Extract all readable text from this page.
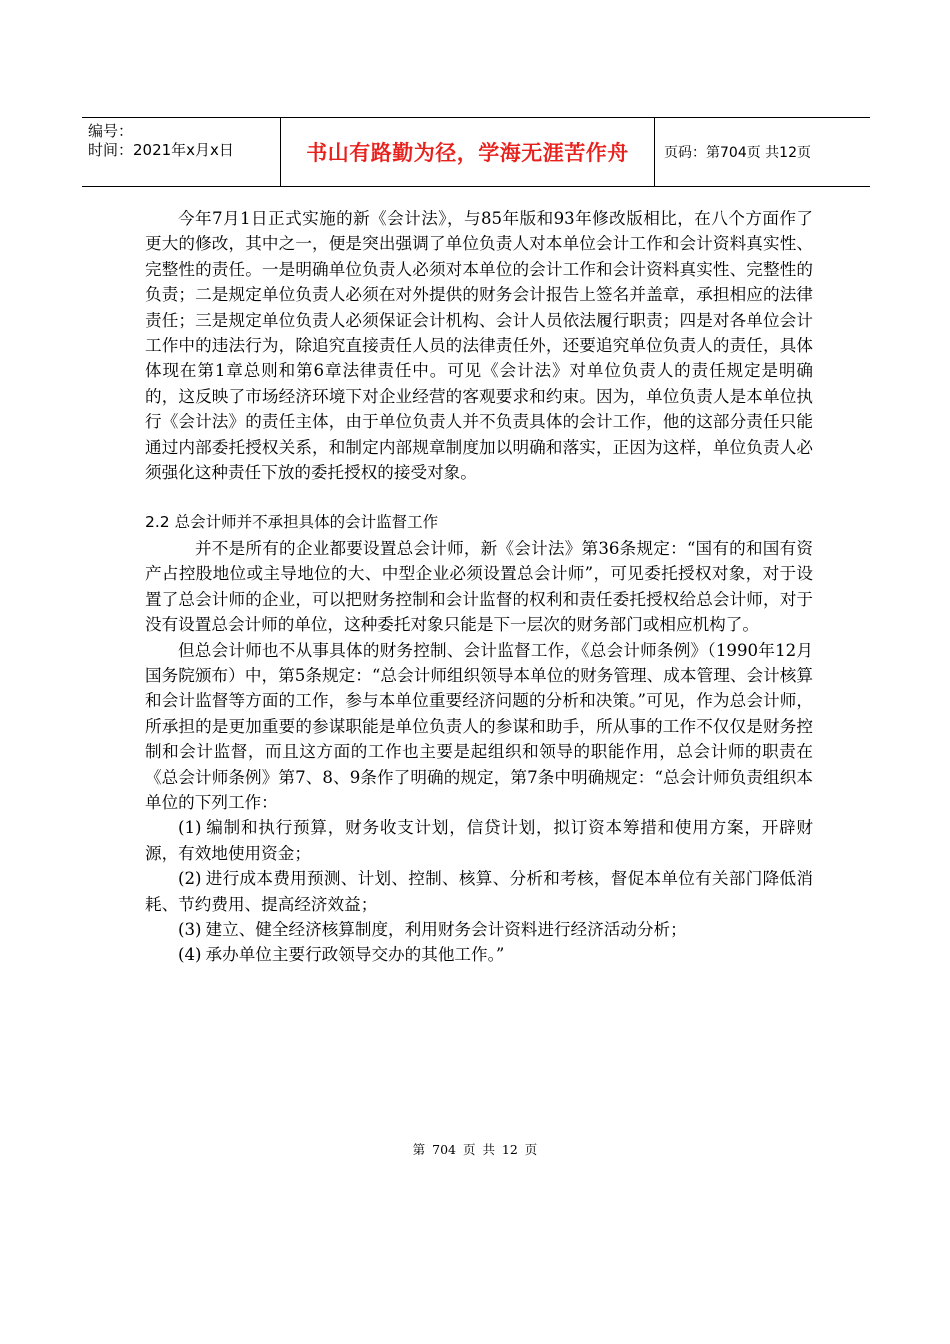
编号：
时间：2021年x月x日	书山有路勤为径，学海无涯苦作舟	页码：第704页 共12页

今年7月1日正式实施的新《会计法》，与85年版和93年修改版相比，在八个方面作了更大的修改，其中之一，便是突出强调了单位负责人对本单位会计工作和会计资料真实性、完整性的责任。一是明确单位负责人必须对本单位的会计工作和会计资料真实性、完整性的负责；二是规定单位负责人必须在对外提供的财务会计报告上签名并盖章，承担相应的法律责任；三是规定单位负责人必须保证会计机构、会计人员依法履行职责；四是对各单位会计工作中的违法行为，除追究直接责任人员的法律责任外，还要追究单位负责人的责任，具体体现在第1章总则和第6章法律责任中。可见《会计法》对单位负责人的责任规定是明确的，这反映了市场经济环境下对企业经营的客观要求和约束。因为，单位负责人是本单位执行《会计法》的责任主体，由于单位负责人并不负责具体的会计工作，他的这部分责任只能通过内部委托授权关系，和制定内部规章制度加以明确和落实，正因为这样，单位负责人必须强化这种责任下放的委托授权的接受对象。

2.2 总会计师并不承担具体的会计监督工作

并不是所有的企业都要设置总会计师，新《会计法》第36条规定：“国有的和国有资产占控股地位或主导地位的大、中型企业必须设置总会计师”，可见委托授权对象，对于设置了总会计师的企业，可以把财务控制和会计监督的权利和责任委托授权给总会计师，对于没有设置总会计师的单位，这种委托对象只能是下一层次的财务部门或相应机构了。

但总会计师也不从事具体的财务控制、会计监督工作，《总会计师条例》（1990年12月国务院颁布）中，第5条规定：“总会计师组织领导本单位的财务管理、成本管理、会计核算和会计监督等方面的工作，参与本单位重要经济问题的分析和决策。”可见，作为总会计师，所承担的是更加重要的参谋职能是单位负责人的参谋和助手，所从事的工作不仅仅是财务控制和会计监督，而且这方面的工作也主要是起组织和领导的职能作用，总会计师的职责在《总会计师条例》第7、8、9条作了明确的规定，第7条中明确规定：“总会计师负责组织本单位的下列工作：

(1) 编制和执行预算，财务收支计划，信贷计划，拟订资本筹措和使用方案，开辟财源，有效地使用资金；

(2) 进行成本费用预测、计划、控制、核算、分析和考核，督促本单位有关部门降低消耗、节约费用、提高经济效益；

(3) 建立、健全经济核算制度，利用财务会计资料进行经济活动分析；

(4) 承办单位主要行政领导交办的其他工作。”

第 704 页 共 12 页
